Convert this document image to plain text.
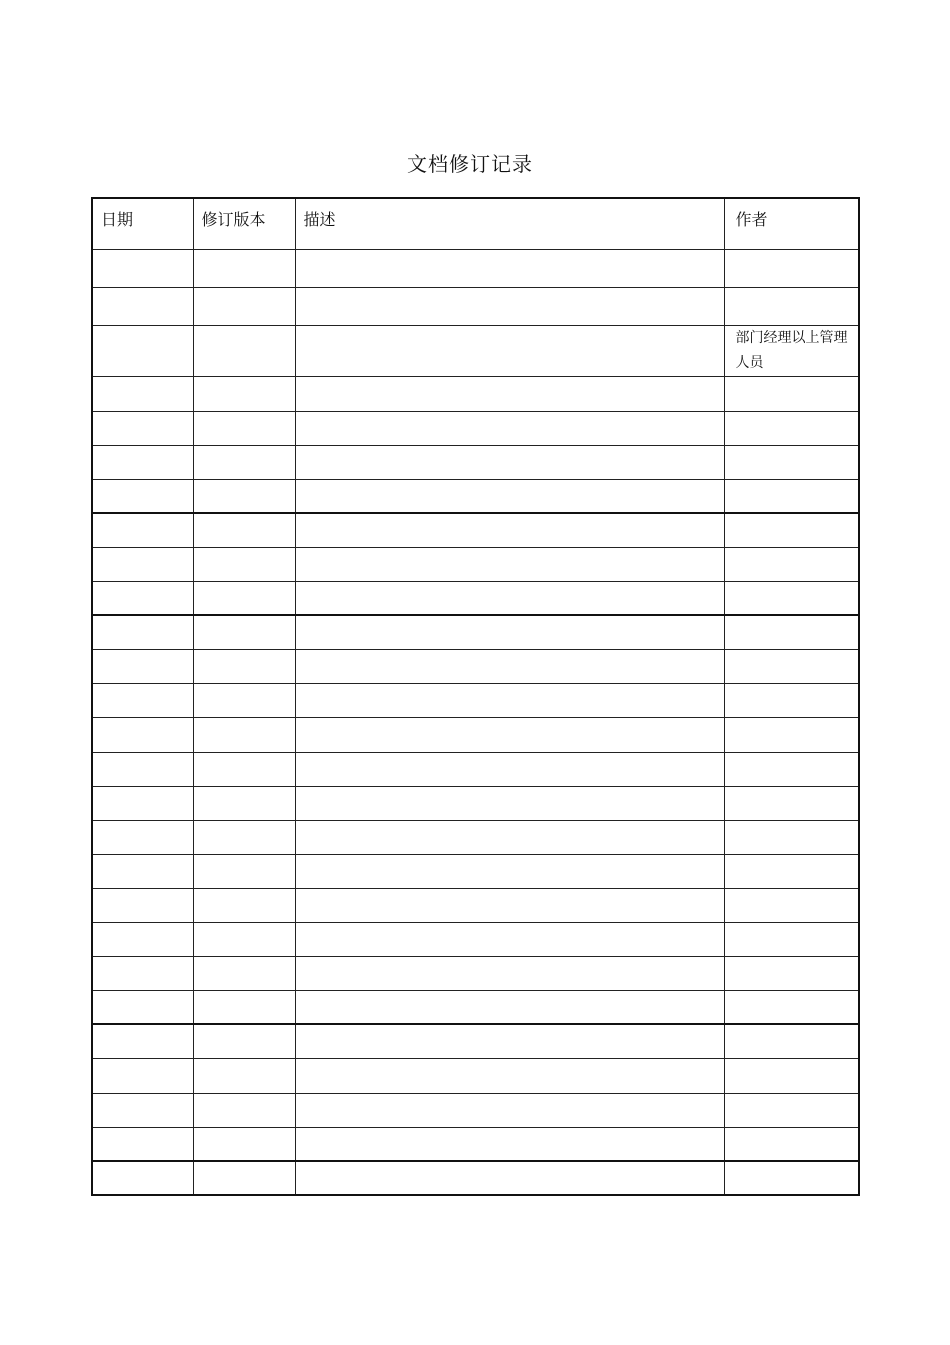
文档修订记录
日期	修订版本	描述	作者

			部门经理以上管理人员
